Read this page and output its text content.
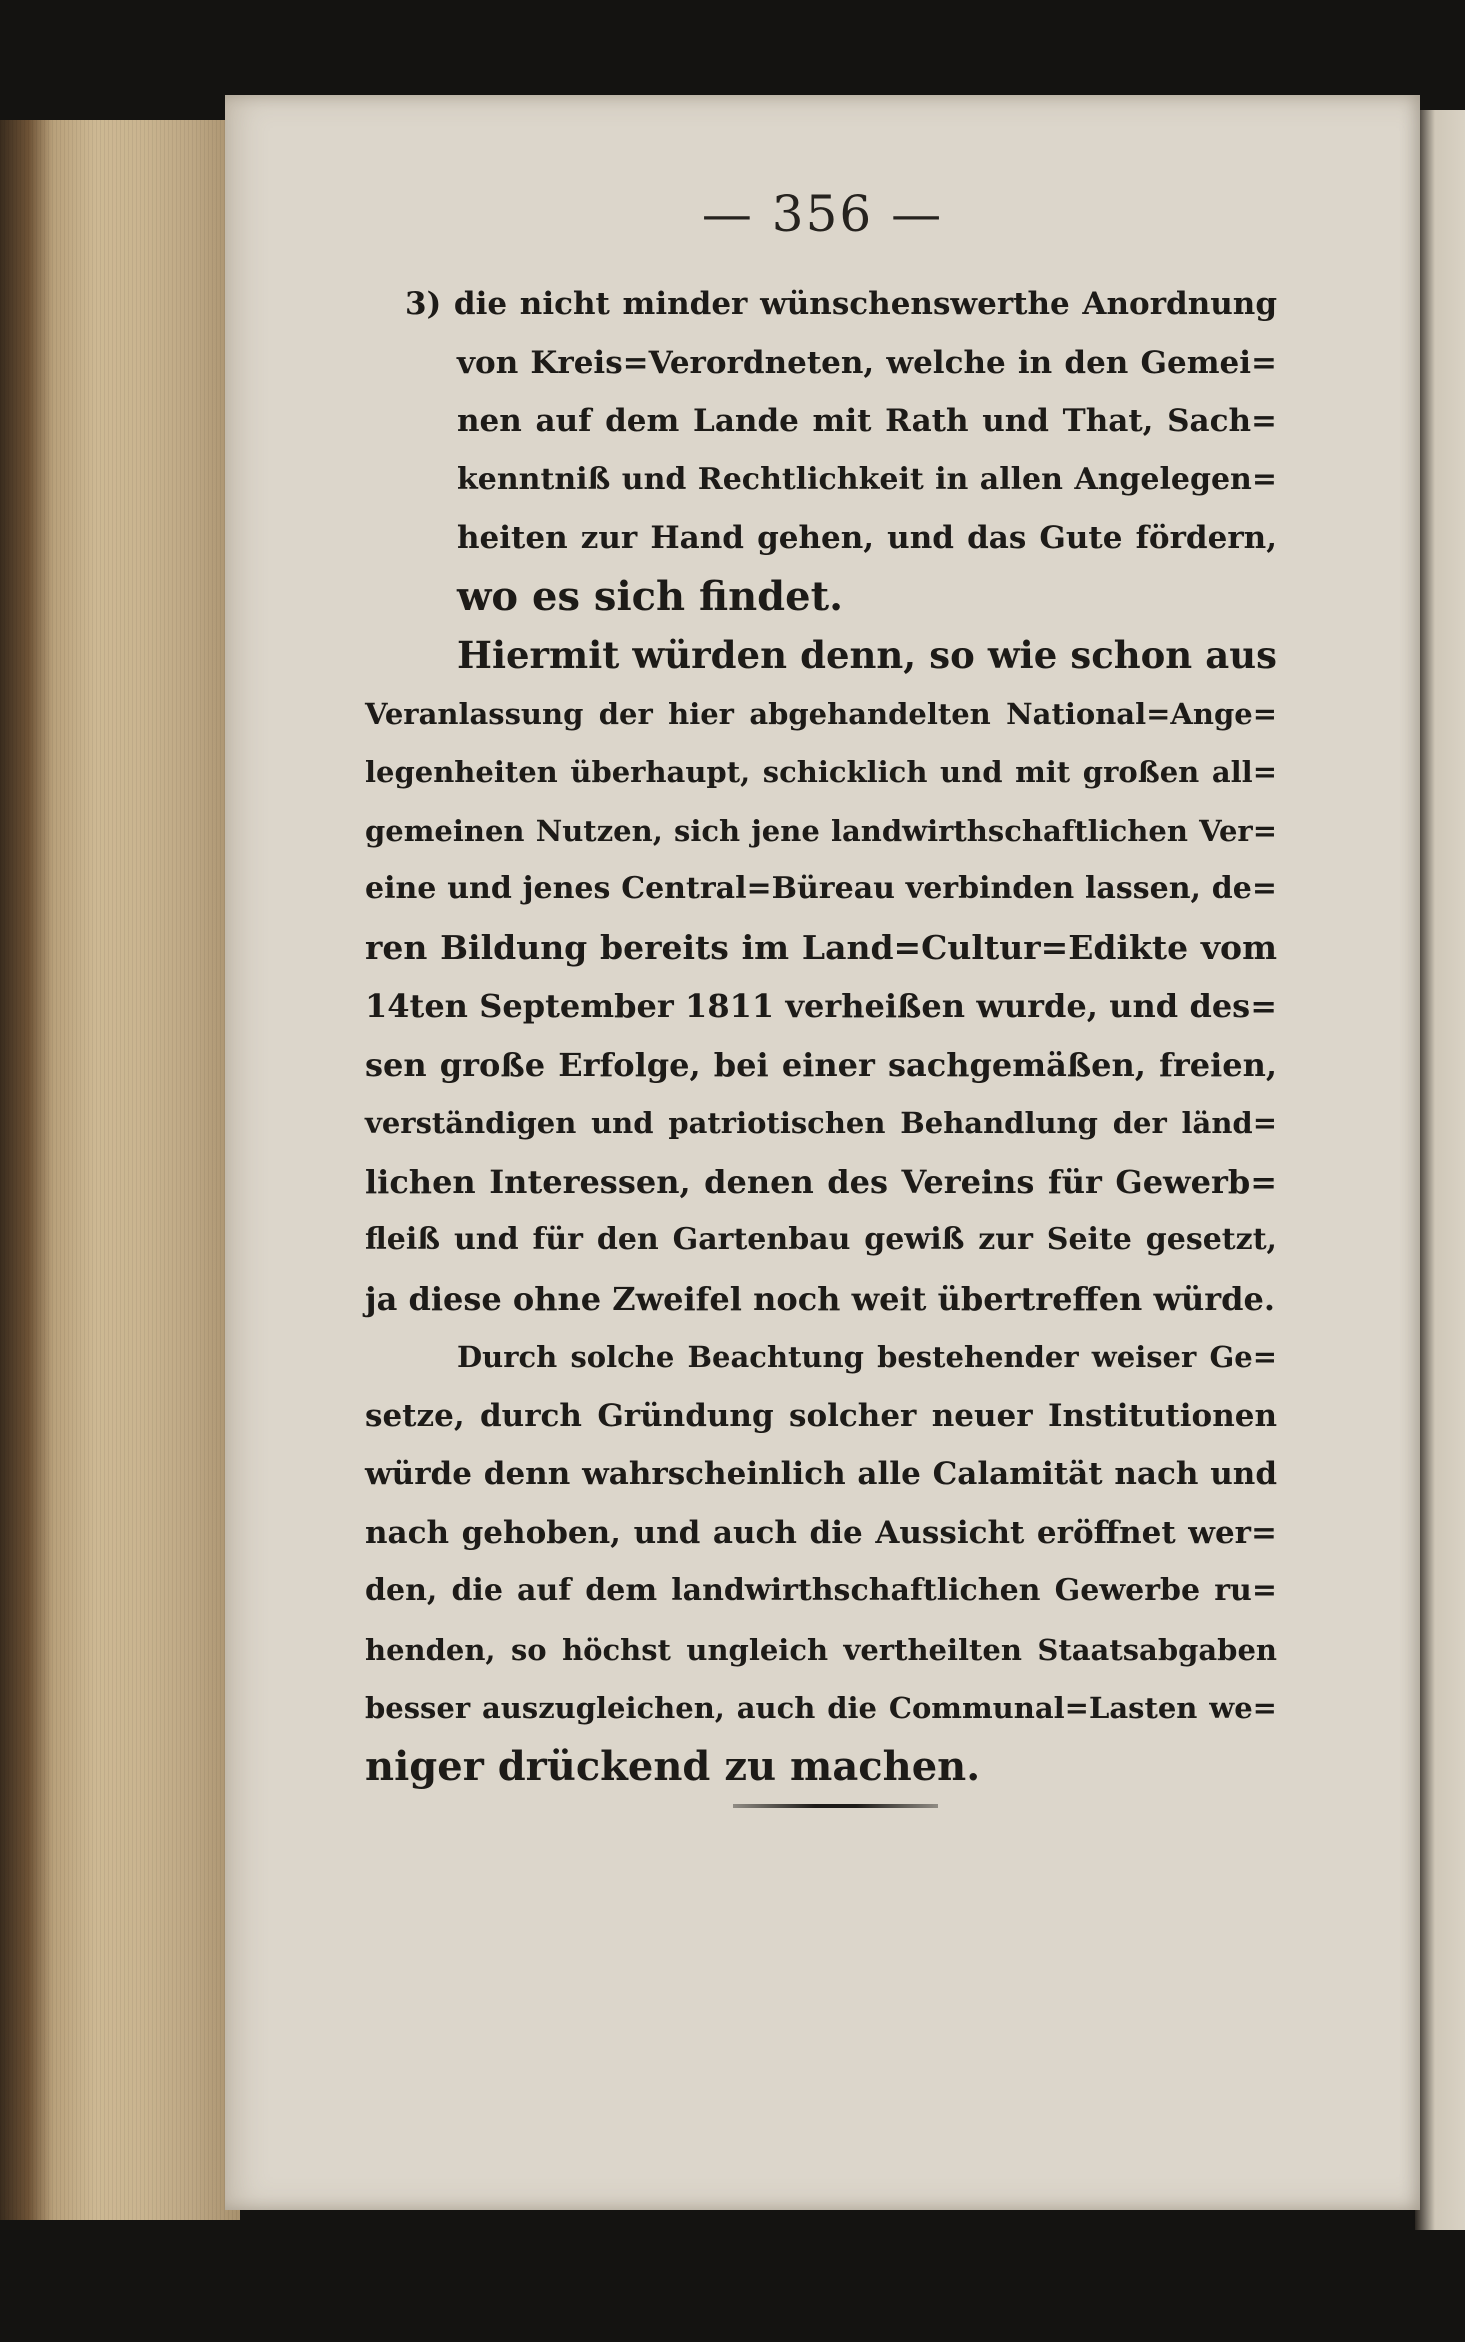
— 356 —
3) die nicht minder wünschenswerthe Anordnung
von Kreis=Verordneten, welche in den Gemei=
nen auf dem Lande mit Rath und That, Sach=
kenntniß und Rechtlichkeit in allen Angelegen=
heiten zur Hand gehen, und das Gute fördern,
wo es sich findet.
Hiermit würden denn, so wie schon aus
Veranlassung der hier abgehandelten National=Ange=
legenheiten überhaupt, schicklich und mit großen all=
gemeinen Nutzen, sich jene landwirthschaftlichen Ver=
eine und jenes Central=Büreau verbinden lassen, de=
ren Bildung bereits im Land=Cultur=Edikte vom
14ten September 1811 verheißen wurde, und des=
sen große Erfolge, bei einer sachgemäßen, freien,
verständigen und patriotischen Behandlung der länd=
lichen Interessen, denen des Vereins für Gewerb=
fleiß und für den Gartenbau gewiß zur Seite gesetzt,
ja diese ohne Zweifel noch weit übertreffen würde.
Durch solche Beachtung bestehender weiser Ge=
setze, durch Gründung solcher neuer Institutionen
würde denn wahrscheinlich alle Calamität nach und
nach gehoben, und auch die Aussicht eröffnet wer=
den, die auf dem landwirthschaftlichen Gewerbe ru=
henden, so höchst ungleich vertheilten Staatsabgaben
besser auszugleichen, auch die Communal=Lasten we=
niger drückend zu machen.
